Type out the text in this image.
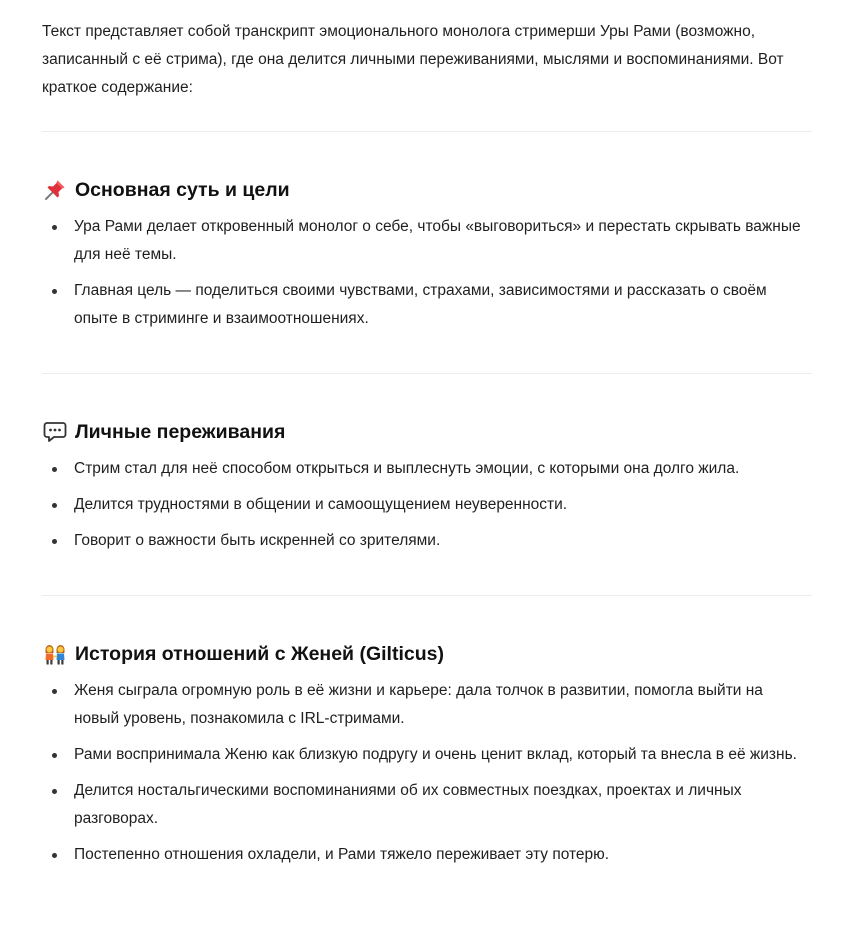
Текст представляет собой транскрипт эмоционального монолога стримерши Уры Рами (возможно, записанный с её стрима), где она делится личными переживаниями, мыслями и воспоминаниями. Вот краткое содержание:

Основная суть и цели
Ура Рами делает откровенный монолог о себе, чтобы «выговориться» и перестать скрывать важные для неё темы.
Главная цель — поделиться своими чувствами, страхами, зависимостями и рассказать о своём опыте в стриминге и взаимоотношениях.
Личные переживания
Стрим стал для неё способом открыться и выплеснуть эмоции, с которыми она долго жила.
Делится трудностями в общении и самоощущением неуверенности.
Говорит о важности быть искренней со зрителями.
История отношений с Женей (Gilticus)
Женя сыграла огромную роль в её жизни и карьере: дала толчок в развитии, помогла выйти на новый уровень, познакомила с IRL-стримами.
Рами воспринимала Женю как близкую подругу и очень ценит вклад, который та внесла в её жизнь.
Делится ностальгическими воспоминаниями об их совместных поездках, проектах и личных разговорах.
Постепенно отношения охладели, и Рами тяжело переживает эту потерю.
